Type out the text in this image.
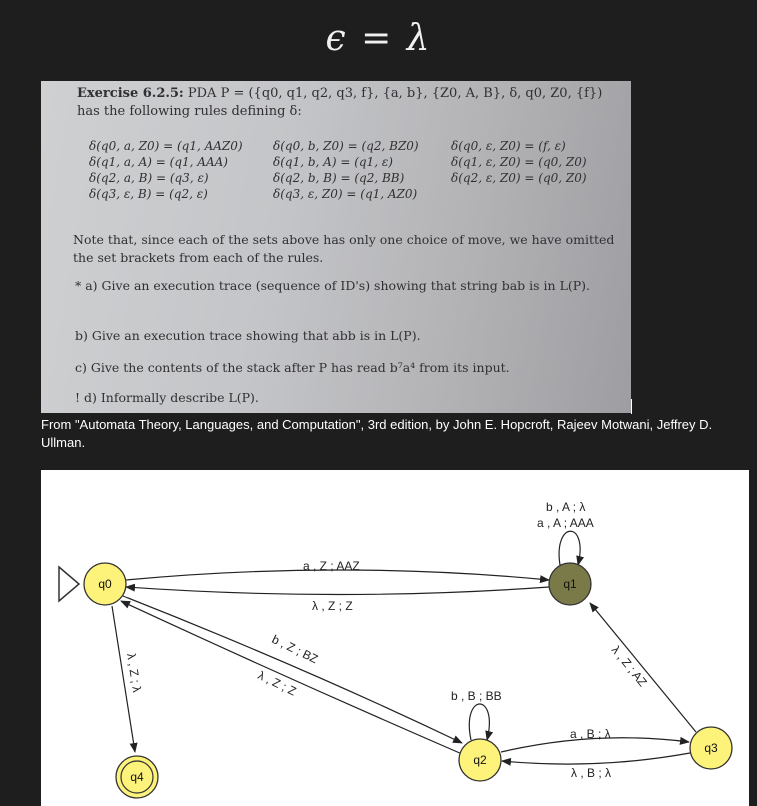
ϵ = λ
Exercise 6.2.5: PDA P = ({q0, q1, q2, q3, f}, {a, b}, {Z0, A, B}, δ, q0, Z0, {f})
has the following rules defining δ:
δ(q0, a, Z0) = (q1, AAZ0)
δ(q1, a, A) = (q1, AAA)
δ(q2, a, B) = (q3, ε)
δ(q3, ε, B) = (q2, ε)
δ(q0, b, Z0) = (q2, BZ0)
δ(q1, b, A) = (q1, ε)
δ(q2, b, B) = (q2, BB)
δ(q3, ε, Z0) = (q1, AZ0)
δ(q0, ε, Z0) = (f, ε)
δ(q1, ε, Z0) = (q0, Z0)
δ(q2, ε, Z0) = (q0, Z0)
Note that, since each of the sets above has only one choice of move, we have omitted the set brackets from each of the rules.
* a) Give an execution trace (sequence of ID's) showing that string bab is in L(P).
b) Give an execution trace showing that abb is in L(P).
c) Give the contents of the stack after P has read b⁷a⁴ from its input.
! d) Informally describe L(P).
From "Automata Theory, Languages, and Computation", 3rd edition, by John E. Hopcroft, Rajeev Motwani, Jeffrey D. Ullman.
a , Z ; AAZ
λ , Z ; Z
b , A ; λ
a , A ; AAA
b , Z ; BZ
λ , Z ; Z
λ , Z ; λ
b , B ; BB
a , B ; λ
λ , B ; λ
λ , Z ; AZ
q0	q1
q2
q3
q4
